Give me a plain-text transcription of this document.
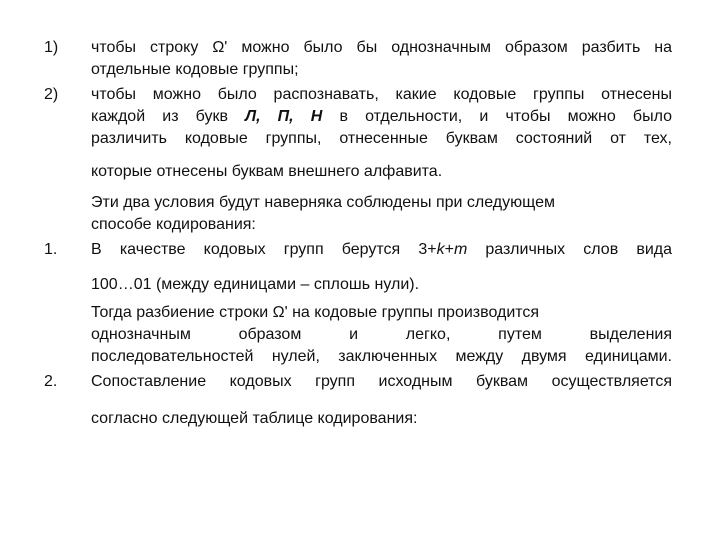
1)	чтобы строку Ω' можно было бы однозначным образом разбить на

отдельные кодовые группы;

2)	чтобы можно было распознавать, какие кодовые группы отнесены

каждой из букв Л, П, Н в отдельности, и чтобы можно было

различить кодовые группы, отнесенные буквам состояний от тех,

которые отнесены буквам внешнего алфавита.

Эти два условия будут наверняка соблюдены при следующем

способе кодирования:

1.	В качестве кодовых групп берутся 3+k+m различных слов вида

100…01 (между единицами – сплошь нули).

Тогда разбиение строки Ω' на кодовые группы производится

однозначным образом и легко, путем выделения

последовательностей нулей, заключенных между двумя единицами.

2.	Сопоставление кодовых групп исходным буквам осуществляется

согласно следующей таблице кодирования:
